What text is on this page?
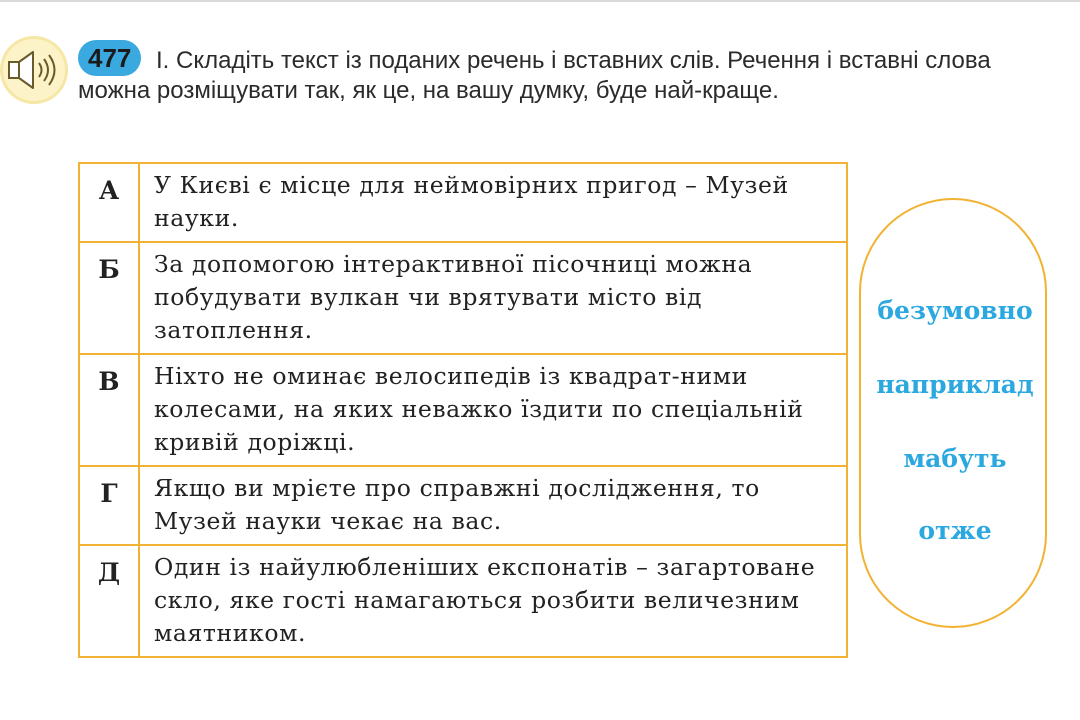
I. Складіть текст із поданих речень і вставних слів. Речення і вставні слова можна розміщувати так, як це, на вашу думку, буде най-краще.
477
А	У Києві є місце для неймовірних пригод – Музей науки.
Б	За допомогою інтерактивної пісочниці можна побудувати вулкан чи врятувати місто від затоплення.
В	Ніхто не оминає велосипедів із квадрат-ними колесами, на яких неважко їздити по спеціальній кривій доріжці.
Г	Якщо ви мрієте про справжні дослідження, то Музей науки чекає на вас.
Д	Один із найулюбленіших експонатів – загартоване скло, яке гості намагаються розбити величезним маятником.
безумовно
наприклад
мабуть
отже
